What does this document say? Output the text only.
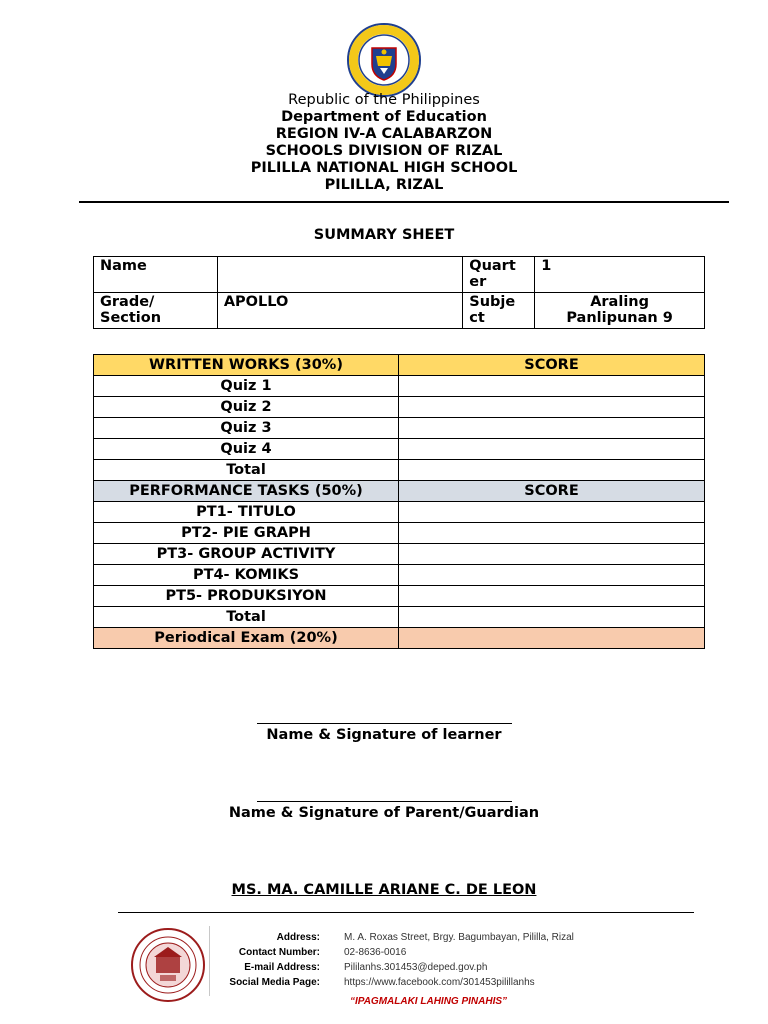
Republic of the Philippines
Department of Education
REGION IV-A CALABARZON
SCHOOLS DIVISION OF RIZAL
PILILLA NATIONAL HIGH SCHOOL
PILILLA, RIZAL
SUMMARY SHEET
Name		Quart
er	1
Grade/
Section	APOLLO	Subje
ct	Araling
Panlipunan 9
WRITTEN WORKS (30%)	SCORE
Quiz 1	
Quiz 2	
Quiz 3	
Quiz 4	
Total	
PERFORMANCE TASKS (50%)	SCORE
PT1- TITULO	
PT2- PIE GRAPH	
PT3- GROUP ACTIVITY	
PT4- KOMIKS	
PT5- PRODUKSIYON	
Total	
Periodical Exam (20%)	
Name & Signature of learner
Name & Signature of Parent/Guardian
MS. MA. CAMILLE ARIANE C. DE LEON
Address: M. A. Roxas Street, Brgy. Bagumbayan, Pililla, Rizal
Contact Number: 02-8636-0016
E-mail Address: Pililanhs.301453@deped.gov.ph
Social Media Page: https://www.facebook.com/301453pilillanhs
“IPAGMALAKI LAHING PINAHIS”
